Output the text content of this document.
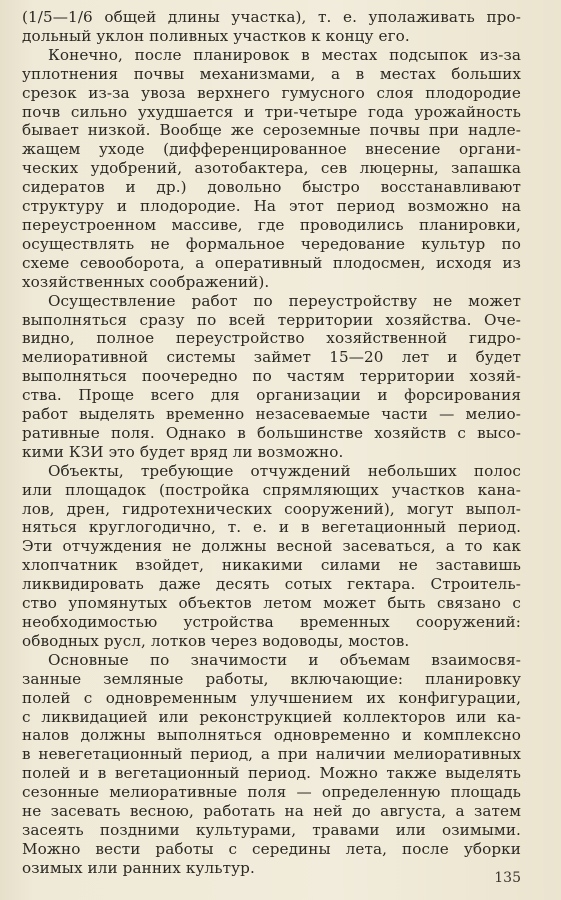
(1/5—1/6 общей длины участка), т. е. уполаживать про-
дольный уклон поливных участков к концу его.
Конечно, после планировок в местах подсыпок из-за
уплотнения почвы механизмами, а в местах больших
срезок из-за увоза верхнего гумусного слоя плодородие
почв сильно ухудшается и три-четыре года урожайность
бывает низкой. Вообще же сероземные почвы при надле-
жащем уходе (дифференцированное внесение органи-
ческих удобрений, азотобактера, сев люцерны, запашка
сидератов и др.) довольно быстро восстанавливают
структуру и плодородие. На этот период возможно на
переустроенном массиве, где проводились планировки,
осуществлять не формальное чередование культур по
схеме севооборота, а оперативный плодосмен, исходя из
хозяйственных соображений).
Осуществление работ по переустройству не может
выполняться сразу по всей территории хозяйства. Оче-
видно, полное переустройство хозяйственной гидро-
мелиоративной системы займет 15—20 лет и будет
выполняться поочередно по частям территории хозяй-
ства. Проще всего для организации и форсирования
работ выделять временно незасеваемые части — мелио-
ративные поля. Однако в большинстве хозяйств с высо-
кими КЗИ это будет вряд ли возможно.
Объекты, требующие отчуждений небольших полос
или площадок (постройка спрямляющих участков кана-
лов, дрен, гидротехнических сооружений), могут выпол-
няться круглогодично, т. е. и в вегетационный период.
Эти отчуждения не должны весной засеваться, а то как
хлопчатник взойдет, никакими силами не заставишь
ликвидировать даже десять сотых гектара. Строитель-
ство упомянутых объектов летом может быть связано с
необходимостью устройства временных сооружений:
обводных русл, лотков через водоводы, мостов.
Основные по значимости и объемам взаимосвя-
занные земляные работы, включающие: планировку
полей с одновременным улучшением их конфигурации,
с ликвидацией или реконструкцией коллекторов или ка-
налов должны выполняться одновременно и комплексно
в невегетационный период, а при наличии мелиоративных
полей и в вегетационный период. Можно также выделять
сезонные мелиоративные поля — определенную площадь
не засевать весною, работать на ней до августа, а затем
засеять поздними культурами, травами или озимыми.
Можно вести работы с середины лета, после уборки
озимых или ранних культур.
135
